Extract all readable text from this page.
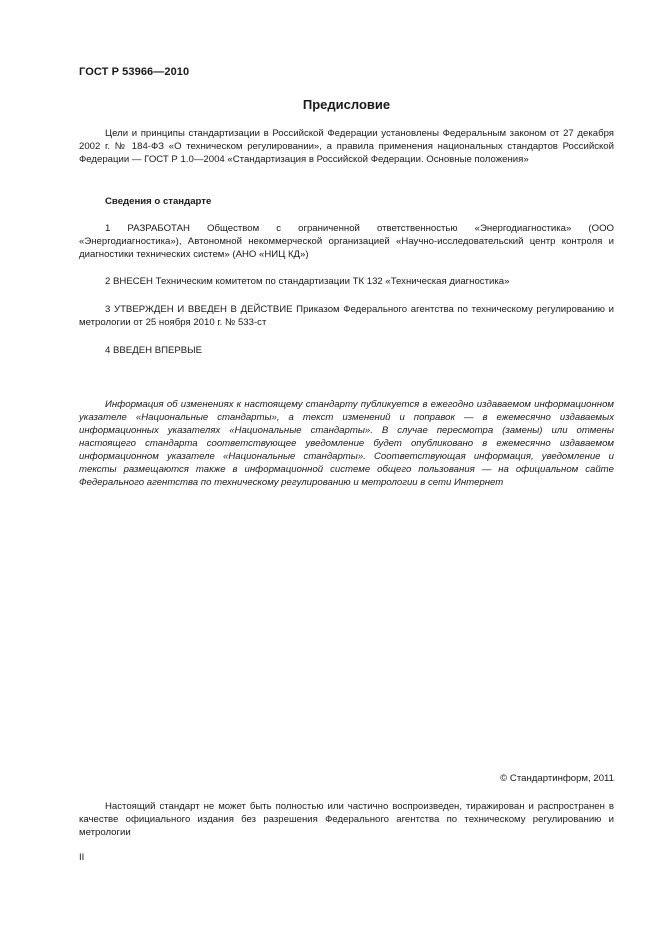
ГОСТ Р 53966—2010
Предисловие

Цели и принципы стандартизации в Российской Федерации установлены Федеральным законом от 27 декабря 2002 г. № 184-ФЗ «О техническом регулировании», а правила применения национальных стандартов Российской Федерации — ГОСТ Р 1.0—2004 «Стандартизация в Российской Федерации. Основные положения»

Сведения о стандарте

1 РАЗРАБОТАН Обществом с ограниченной ответственностью «Энергодиагностика» (ООО «Энергодиагностика»), Автономной некоммерческой организацией «Научно-исследовательский центр контроля и диагностики технических систем» (АНО «НИЦ КД»)

2 ВНЕСЕН Техническим комитетом по стандартизации ТК 132 «Техническая диагностика»

3 УТВЕРЖДЕН И ВВЕДЕН В ДЕЙСТВИЕ Приказом Федерального агентства по техническому регулированию и метрологии от 25 ноября 2010 г. № 533-ст

4 ВВЕДЕН ВПЕРВЫЕ

Информация об изменениях к настоящему стандарту публикуется в ежегодно издаваемом информационном указателе «Национальные стандарты», а текст изменений и поправок — в ежемесячно издаваемых информационных указателях «Национальные стандарты». В случае пересмотра (замены) или отмены настоящего стандарта соответствующее уведомление будет опубликовано в ежемесячно издаваемом информационном указателе «Национальные стандарты». Соответствующая информация, уведомление и тексты размещаются также в информационной системе общего пользования — на официальном сайте Федерального агентства по техническому регулированию и метрологии в сети Интернет

© Стандартинформ, 2011

Настоящий стандарт не может быть полностью или частично воспроизведен, тиражирован и распространен в качестве официального издания без разрешения Федерального агентства по техническому регулированию и метрологии

II
